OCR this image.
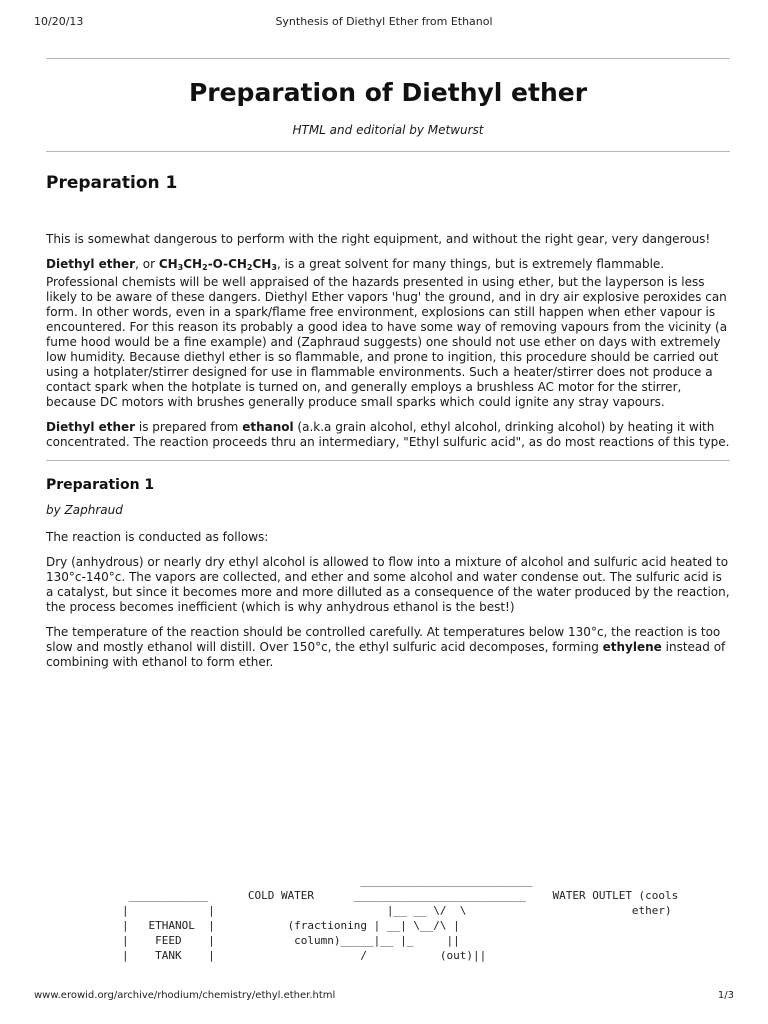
10/20/13	Synthesis of Diethyl Ether from Ethanol
Preparation of Diethyl ether
HTML and editorial by Metwurst
Preparation 1

This is somewhat dangerous to perform with the right equipment, and without the right gear, very dangerous!

Diethyl ether, or $CH_3CH_2-O-CH_2CH_3$, is a great solvent for many things, but is extremely flammable. Professional chemists will be well appraised of the hazards presented in using ether, but the layperson is less likely to be aware of these dangers. Diethyl Ether vapors 'hug' the ground, and in dry air explosive peroxides can form. In other words, even in a spark/flame free environment, explosions can still happen when ether vapour is encountered. For this reason its probably a good idea to have some way of removing vapours from the vicinity (a fume hood would be a fine example) and (Zaphraud suggests) one should not use ether on days with extremely low humidity. Because diethyl ether is so flammable, and prone to ingition, this procedure should be carried out using a hotplater/stirrer designed for use in flammable environments. Such a heater/stirrer does not produce a contact spark when the hotplate is turned on, and generally employs a brushless AC motor for the stirrer, because DC motors with brushes generally produce small sparks which could ignite any stray vapours.

Diethyl ether is prepared from ethanol (a.k.a grain alcohol, ethyl alcohol, drinking alcohol) by heating it with concentrated. The reaction proceeds thru an intermediary, "Ethyl sulfuric acid", as do most reactions of this type.

Preparation 1

by Zaphraud

The reaction is conducted as follows:

Dry (anhydrous) or nearly dry ethyl alcohol is allowed to flow into a mixture of alcohol and sulfuric acid heated to 130°c-140°c. The vapors are collected, and ether and some alcohol and water condense out. The sulfuric acid is a catalyst, but since it becomes more and more dilluted as a consequence of the water produced by the reaction, the process becomes inefficient (which is why anhydrous ethanol is the best!)

The temperature of the reaction should be controlled carefully. At temperatures below 130°c, the reaction is too slow and mostly ethanol will distill. Over 150°c, the ethyl sulfuric acid decomposes, forming ethylene instead of combining with ethanol to form ether.

__________________________
____________      COLD WATER      __________________________    WATER OUTLET (cools
|            |                          |__ __ \/  \                         ether)
|   ETHANOL  |           (fractioning | __| \__/\ |
|    FEED    |            column)_____|__ |_     ||
|    TANK    |                      /           (out)||
www.erowid.org/archive/rhodium/chemistry/ethyl.ether.html	1/3
